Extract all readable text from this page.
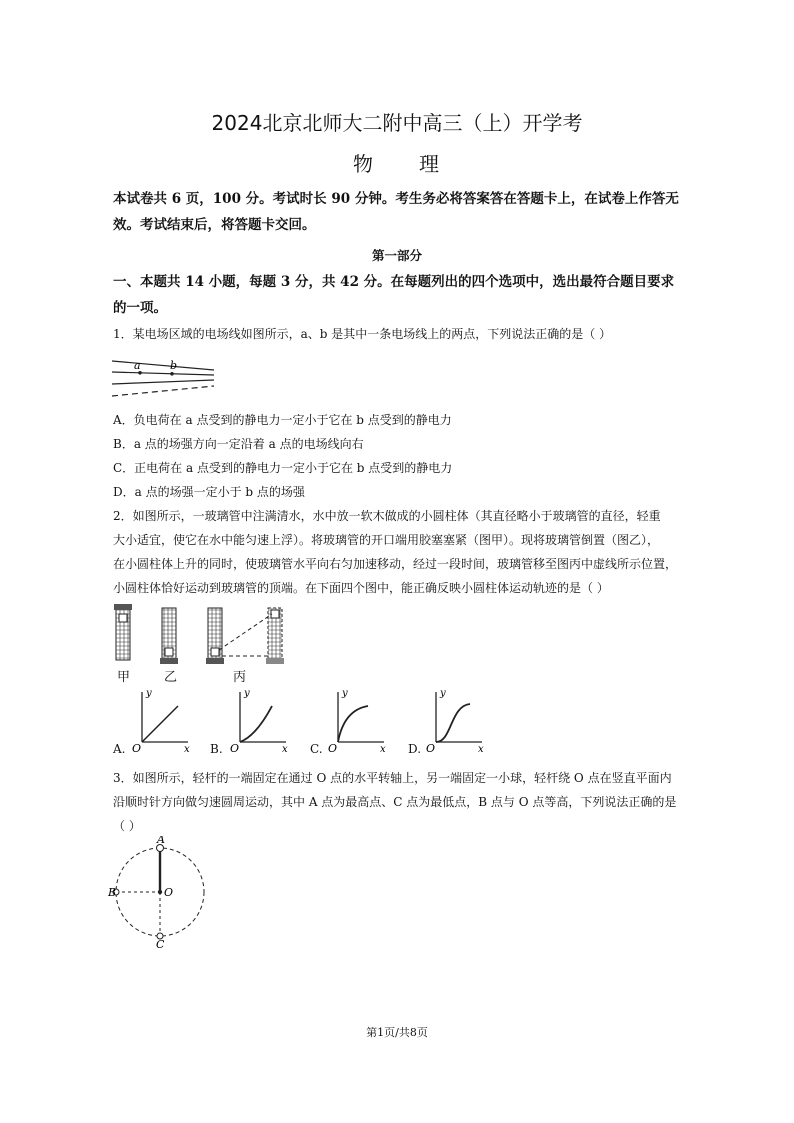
2024北京北师大二附中高三（上）开学考
物 理
本试卷共 6 页，100 分。考试时长 90 分钟。考生务必将答案答在答题卡上，在试卷上作答无
效。考试结束后，将答题卡交回。
第一部分
一、本题共 14 小题，每题 3 分，共 42 分。在每题列出的四个选项中，选出最符合题目要求
的一项。
1．某电场区域的电场线如图所示，a、b 是其中一条电场线上的两点，下列说法正确的是（ ）
a	b
A．负电荷在 a 点受到的静电力一定小于它在 b 点受到的静电力
B．a 点的场强方向一定沿着 a 点的电场线向右
C．正电荷在 a 点受到的静电力一定小于它在 b 点受到的静电力
D．a 点的场强一定小于 b 点的场强
2．如图所示，一玻璃管中注满清水，水中放一软木做成的小圆柱体（其直径略小于玻璃管的直径，轻重
大小适宜，使它在水中能匀速上浮）。将玻璃管的开口端用胶塞塞紧（图甲）。现将玻璃管倒置（图乙），
在小圆柱体上升的同时，使玻璃管水平向右匀加速移动，经过一段时间，玻璃管移至图丙中虚线所示位置，
小圆柱体恰好运动到玻璃管的顶端。在下面四个图中，能正确反映小圆柱体运动轨迹的是（ ）
甲	乙	丙
A.
y
x
O	B.
y
x
O	C.
y
x
O	D.
y
x
O
3．如图所示，轻杆的一端固定在通过 O 点的水平转轴上，另一端固定一小球，轻杆绕 O 点在竖直平面内
沿顺时针方向做匀速圆周运动，其中 A 点为最高点、C 点为最低点，B 点与 O 点等高，下列说法正确的是
（ ）
A
B	O
C
第1页/共8页
